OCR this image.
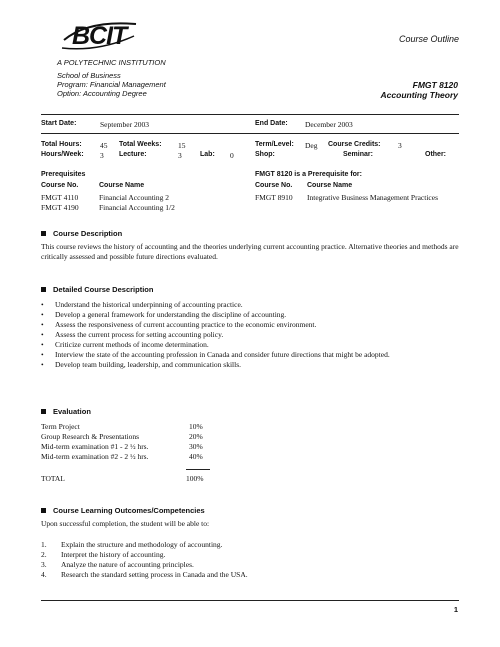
BCIT
A POLYTECHNIC INSTITUTION
School of Business
Program: Financial Management
Option: Accounting Degree
Course Outline
FMGT 8120
Accounting Theory
Start Date:	September 2003	End Date: December 2003
Total Hours: 45 Total Weeks: 15	Term/Level: Deg Course Credits: 3
Hours/Week: 3 Lecture:	3	Lab: 0	Shop:	Seminar:	Other:
Prerequisites
Course No.	Course Name
FMGT 4110	Financial Accounting 2
FMGT 4190	Financial Accounting 1/2
FMGT 8120 is a Prerequisite for:
Course No. Course Name
FMGT 8910 Integrative Business Management Practices
Course Description
This course reviews the history of accounting and the theories underlying current accounting practice. Alternative theories and methods are critically assessed and possible future directions evaluated.
Detailed Course Description
• Understand the historical underpinning of accounting practice.
• Develop a general framework for understanding the discipline of accounting.
• Assess the responsiveness of current accounting practice to the economic environment.
• Assess the current process for setting accounting policy.
• Criticize current methods of income determination.
• Interview the state of the accounting profession in Canada and consider future directions that might be adopted.
• Develop team building, leadership, and communication skills.
Evaluation
Term Project	10%
Group Research & Presentations	20%
Mid-term examination #1 - 2 ½ hrs.	30%
Mid-term examination #2 - 2 ½ hrs.	40%
TOTAL	100%
Course Learning Outcomes/Competencies
Upon successful completion, the student will be able to:
1. Explain the structure and methodology of accounting.
2. Interpret the history of accounting.
3. Analyze the nature of accounting principles.
4. Research the standard setting process in Canada and the USA.
1
